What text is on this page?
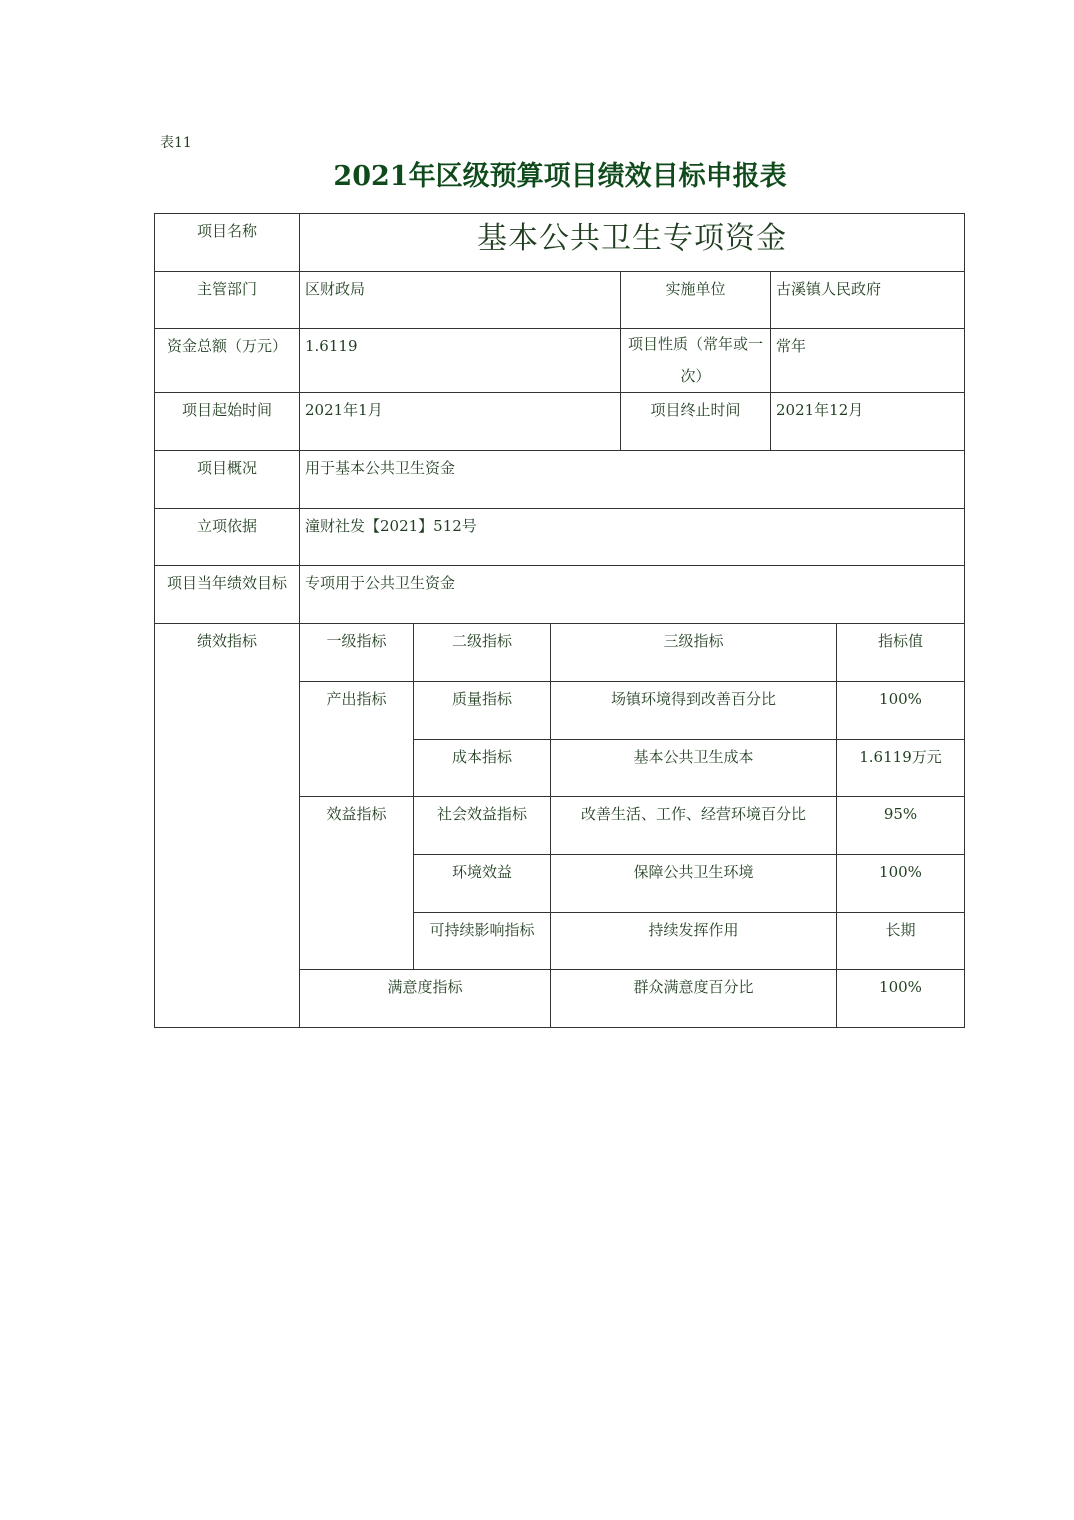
表11
2021年区级预算项目绩效目标申报表
项目名称	基本公共卫生专项资金					
主管部门	区财政局			实施单位	古溪镇人民政府	
资金总额（万元）	1.6119			项目性质（常年或一次）	常年	
项目起始时间	2021年1月			项目终止时间	2021年12月	
项目概况	用于基本公共卫生资金					
立项依据	潼财社发【2021】512号					
项目当年绩效目标	专项用于公共卫生资金					
绩效指标	一级指标	二级指标	三级指标			指标值
	产出指标	质量指标	场镇环境得到改善百分比			100%
		成本指标	基本公共卫生成本			1.6119万元
	效益指标	社会效益指标	改善生活、工作、经营环境百分比			95%
		环境效益	保障公共卫生环境			100%
		可持续影响指标	持续发挥作用			长期
	满意度指标		群众满意度百分比			100%
